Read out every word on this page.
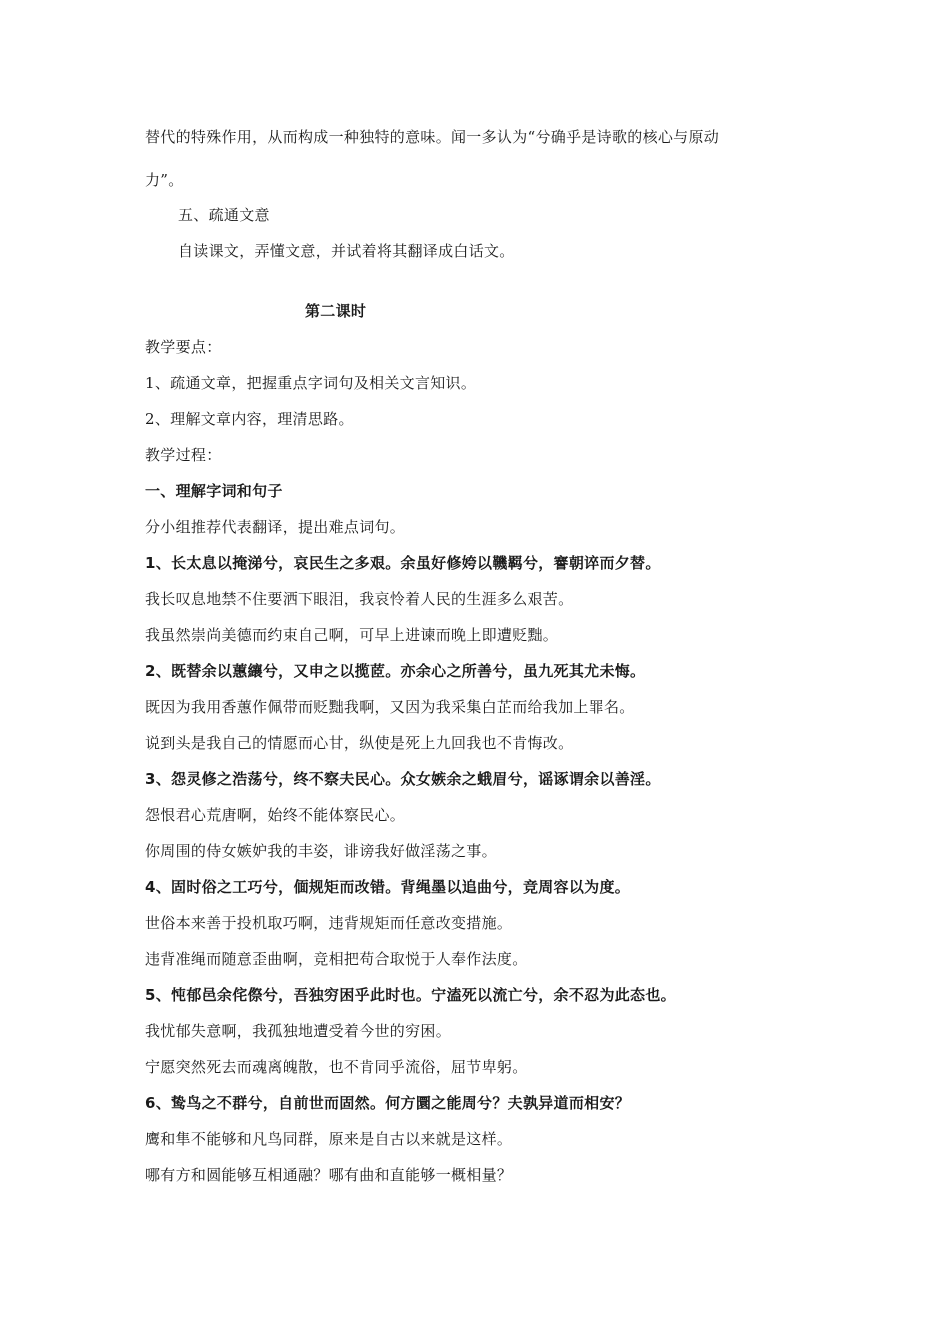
替代的特殊作用，从而构成一种独特的意味。闻一多认为“兮确乎是诗歌的核心与原动
力”。
五、疏通文意
自读课文，弄懂文意，并试着将其翻译成白话文。
第二课时
教学要点：
1、疏通文章，把握重点字词句及相关文言知识。
2、理解文章内容，理清思路。
教学过程：
一、理解字词和句子
分小组推荐代表翻译，提出难点词句。
1、长太息以掩涕兮，哀民生之多艰。余虽好修姱以鞿羁兮，謇朝谇而夕替。
我长叹息地禁不住要洒下眼泪，我哀怜着人民的生涯多么艰苦。
我虽然崇尚美德而约束自己啊，可早上进谏而晚上即遭贬黜。
2、既替余以蕙纕兮，又申之以揽茝。亦余心之所善兮，虽九死其尤未悔。
既因为我用香蕙作佩带而贬黜我啊，又因为我采集白芷而给我加上罪名。
说到头是我自己的情愿而心甘，纵使是死上九回我也不肯悔改。
3、怨灵修之浩荡兮，终不察夫民心。众女嫉余之蛾眉兮，谣诼谓余以善淫。
怨恨君心荒唐啊，始终不能体察民心。
你周围的侍女嫉妒我的丰姿，诽谤我好做淫荡之事。
4、固时俗之工巧兮，偭规矩而改错。背绳墨以追曲兮，竞周容以为度。
世俗本来善于投机取巧啊，违背规矩而任意改变措施。
违背准绳而随意歪曲啊，竞相把苟合取悦于人奉作法度。
5、忳郁邑余侘傺兮，吾独穷困乎此时也。宁溘死以流亡兮，余不忍为此态也。
我忧郁失意啊，我孤独地遭受着今世的穷困。
宁愿突然死去而魂离魄散，也不肯同乎流俗，屈节卑躬。
6、鸷鸟之不群兮，自前世而固然。何方圜之能周兮？夫孰异道而相安？
鹰和隼不能够和凡鸟同群，原来是自古以来就是这样。
哪有方和圆能够互相通融？哪有曲和直能够一概相量？
